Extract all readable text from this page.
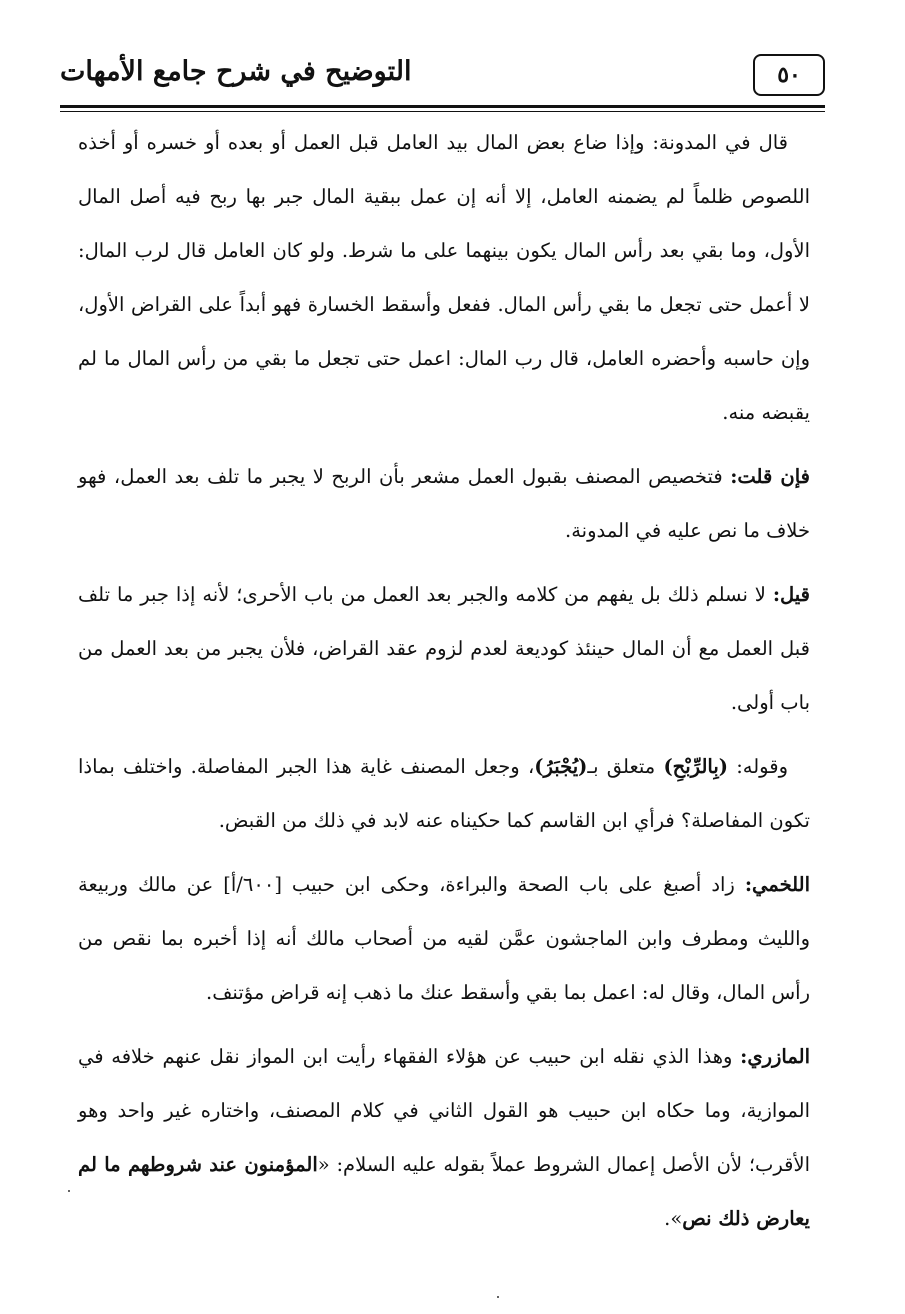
٥٠
التوضيح في شرح جامع الأمهات

قال في المدونة: وإذا ضاع بعض المال بيد العامل قبل العمل أو بعده أو خسره أو أخذه اللصوص ظلماً لم يضمنه العامل، إلا أنه إن عمل ببقية المال جبر بها ربح فيه أصل المال الأول، وما بقي بعد رأس المال يكون بينهما على ما شرط. ولو كان العامل قال لرب المال: لا أعمل حتى تجعل ما بقي رأس المال. ففعل وأسقط الخسارة فهو أبداً على القراض الأول، وإن حاسبه وأحضره العامل، قال رب المال: اعمل حتى تجعل ما بقي من رأس المال ما لم يقبضه منه.

فإن قلت: فتخصيص المصنف بقبول العمل مشعر بأن الربح لا يجبر ما تلف بعد العمل، فهو خلاف ما نص عليه في المدونة.

قيل: لا نسلم ذلك بل يفهم من كلامه والجبر بعد العمل من باب الأحرى؛ لأنه إذا جبر ما تلف قبل العمل مع أن المال حينئذ كوديعة لعدم لزوم عقد القراض، فلأن يجبر من بعد العمل من باب أولى.

وقوله: (بِالرِّبْحِ) متعلق بـ(يُجْبَرُ)، وجعل المصنف غاية هذا الجبر المفاصلة. واختلف بماذا تكون المفاصلة؟ فرأي ابن القاسم كما حكيناه عنه لابد في ذلك من القبض.

اللخمي: زاد أصبغ على باب الصحة والبراءة، وحكى ابن حبيب [٦٠٠/أ] عن مالك وربيعة والليث ومطرف وابن الماجشون عمَّن لقيه من أصحاب مالك أنه إذا أخبره بما نقص من رأس المال، وقال له: اعمل بما بقي وأسقط عنك ما ذهب إنه قراض مؤتنف.

المازري: وهذا الذي نقله ابن حبيب عن هؤلاء الفقهاء رأيت ابن المواز نقل عنهم خلافه في الموازية، وما حكاه ابن حبيب هو القول الثاني في كلام المصنف، واختاره غير واحد وهو الأقرب؛ لأن الأصل إعمال الشروط عملاً بقوله عليه السلام: «المؤمنون عند شروطهم ما لم يعارض ذلك نص».
